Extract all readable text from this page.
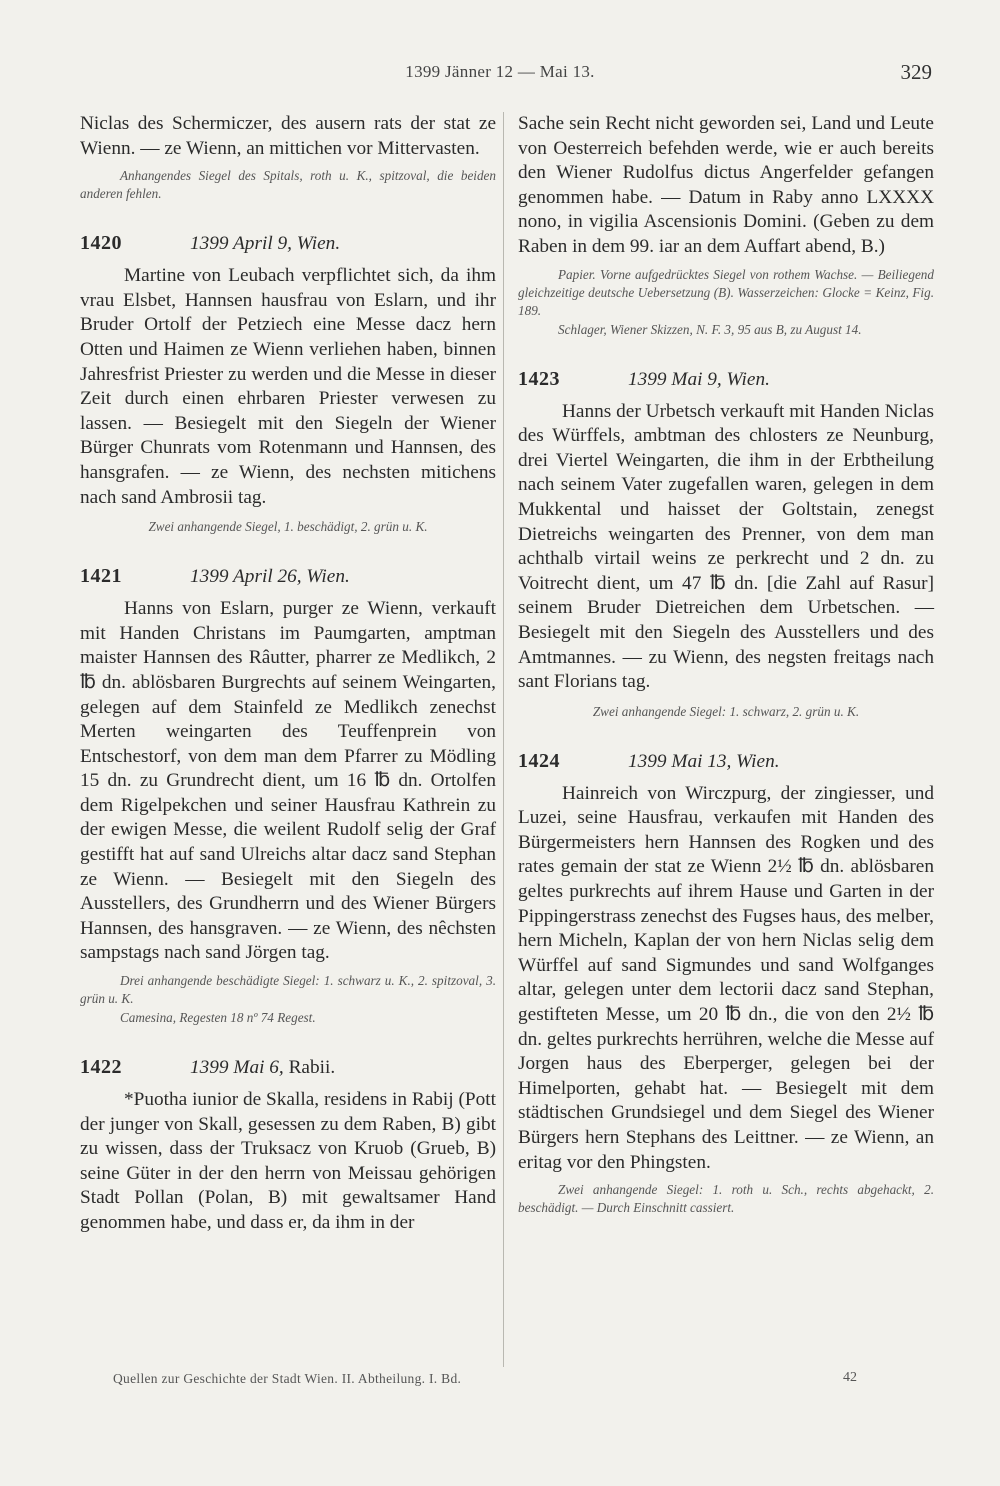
1399 Jänner 12 — Mai 13.	329

Niclas des Schermiczer, des ausern rats der stat ze Wienn. — ze Wienn, an mittichen vor Mittervasten.

Anhangendes Siegel des Spitals, roth u. K., spitzoval, die beiden anderen fehlen.

1420	1399 April 9, Wien.

Martine von Leubach verpflichtet sich, da ihm vrau Elsbet, Hannsen hausfrau von Eslarn, und ihr Bruder Ortolf der Petziech eine Messe dacz hern Otten und Haimen ze Wienn verliehen haben, binnen Jahresfrist Priester zu werden und die Messe in dieser Zeit durch einen ehrbaren Priester verwesen zu lassen. — Besiegelt mit den Siegeln der Wiener Bürger Chunrats vom Rotenmann und Hannsen, des hansgrafen. — ze Wienn, des nechsten mitichens nach sand Ambrosii tag.

Zwei anhangende Siegel, 1. beschädigt, 2. grün u. K.

1421	1399 April 26, Wien.

Hanns von Eslarn, purger ze Wienn, verkauft mit Handen Christans im Paumgarten, amptman maister Hannsen des Râutter, pharrer ze Medlikch, 2 ℔ dn. ablösbaren Burgrechts auf seinem Weingarten, gelegen auf dem Stainfeld ze Medlikch zenechst Merten weingarten des Teuffenprein von Entschestorf, von dem man dem Pfarrer zu Mödling 15 dn. zu Grundrecht dient, um 16 ℔ dn. Ortolfen dem Rigelpekchen und seiner Hausfrau Kathrein zu der ewigen Messe, die weilent Rudolf selig der Graf gestifft hat auf sand Ulreichs altar dacz sand Stephan ze Wienn. — Besiegelt mit den Siegeln des Ausstellers, des Grundherrn und des Wiener Bürgers Hannsen, des hansgraven. — ze Wienn, des nêchsten sampstags nach sand Jörgen tag.

Drei anhangende beschädigte Siegel: 1. schwarz u. K., 2. spitzoval, 3. grün u. K.

Camesina, Regesten 18 nº 74 Regest.

1422	1399 Mai 6, Rabii.

*Puotha iunior de Skalla, residens in Rabij (Pott der junger von Skall, gesessen zu dem Raben, B) gibt zu wissen, dass der Truksacz von Kruob (Grueb, B) seine Güter in der den herrn von Meissau gehörigen Stadt Pollan (Polan, B) mit gewaltsamer Hand genommen habe, und dass er, da ihm in der

Sache sein Recht nicht geworden sei, Land und Leute von Oesterreich befehden werde, wie er auch bereits den Wiener Rudolfus dictus Angerfelder gefangen genommen habe. — Datum in Raby anno LXXXX nono, in vigilia Ascensionis Domini. (Geben zu dem Raben in dem 99. iar an dem Auffart abend, B.)

Papier. Vorne aufgedrücktes Siegel von rothem Wachse. — Beiliegend gleichzeitige deutsche Uebersetzung (B). Wasserzeichen: Glocke = Keinz, Fig. 189.

Schlager, Wiener Skizzen, N. F. 3, 95 aus B, zu August 14.

1423	1399 Mai 9, Wien.

Hanns der Urbetsch verkauft mit Handen Niclas des Würffels, ambtman des chlosters ze Neunburg, drei Viertel Weingarten, die ihm in der Erbtheilung nach seinem Vater zugefallen waren, gelegen in dem Mukkental und haisset der Goltstain, zenegst Dietreichs weingarten des Prenner, von dem man achthalb virtail weins ze perkrecht und 2 dn. zu Voitrecht dient, um 47 ℔ dn. [die Zahl auf Rasur] seinem Bruder Dietreichen dem Urbetschen. — Besiegelt mit den Siegeln des Ausstellers und des Amtmannes. — zu Wienn, des negsten freitags nach sant Florians tag.

Zwei anhangende Siegel: 1. schwarz, 2. grün u. K.

1424	1399 Mai 13, Wien.

Hainreich von Wirczpurg, der zingiesser, und Luzei, seine Hausfrau, verkaufen mit Handen des Bürgermeisters hern Hannsen des Rogken und des rates gemain der stat ze Wienn 2½ ℔ dn. ablösbaren geltes purkrechts auf ihrem Hause und Garten in der Pippingerstrass zenechst des Fugses haus, des melber, hern Micheln, Kaplan der von hern Niclas selig dem Würffel auf sand Sigmundes und sand Wolfganges altar, gelegen unter dem lectorii dacz sand Stephan, gestifteten Messe, um 20 ℔ dn., die von den 2½ ℔ dn. geltes purkrechts herrühren, welche die Messe auf Jorgen haus des Eberperger, gelegen bei der Himelporten, gehabt hat. — Besiegelt mit dem städtischen Grundsiegel und dem Siegel des Wiener Bürgers hern Stephans des Leittner. — ze Wienn, an eritag vor den Phingsten.

Zwei anhangende Siegel: 1. roth u. Sch., rechts abgehackt, 2. beschädigt. — Durch Einschnitt cassiert.

Quellen zur Geschichte der Stadt Wien. II. Abtheilung. I. Bd.	42
